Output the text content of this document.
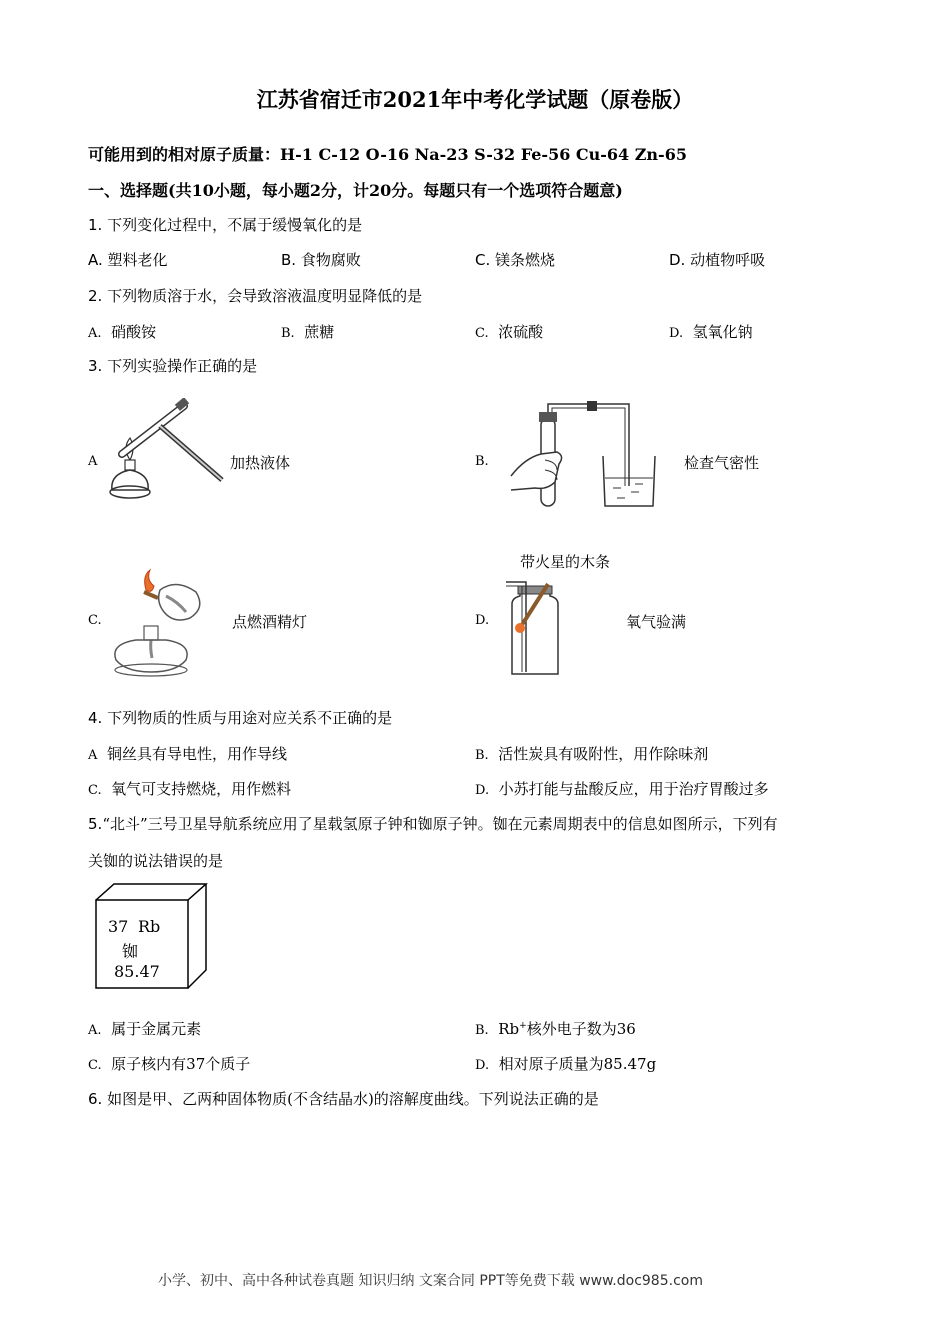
江苏省宿迁市2021年中考化学试题（原卷版）
可能用到的相对原子质量：H-1 C-12 O-16 Na-23 S-32 Fe-56 Cu-64 Zn-65
一、选择题(共10小题，每小题2分，计20分。每题只有一个选项符合题意)
1. 下列变化过程中，不属于缓慢氧化的是
A. 塑料老化	B. 食物腐败	C. 镁条燃烧	D. 动植物呼吸
2. 下列物质溶于水，会导致溶液温度明显降低的是
A. 硝酸铵	B. 蔗糖	C. 浓硫酸	D. 氢氧化钠
3. 下列实验操作正确的是
A	加热液体	B.	检查气密性
C.	点燃酒精灯	D.
带火星的木条
氧气验满
4. 下列物质的性质与用途对应关系不正确的是
A 铜丝具有导电性，用作导线	B. 活性炭具有吸附性，用作除味剂
C. 氧气可支持燃烧，用作燃料	D. 小苏打能与盐酸反应，用于治疗胃酸过多
5.“北斗”三号卫星导航系统应用了星载氢原子钟和铷原子钟。铷在元素周期表中的信息如图所示，下列有
关铷的说法错误的是
37 Rb
铷
85.47
A. 属于金属元素	B. Rb+核外电子数为36
C. 原子核内有37个质子	D. 相对原子质量为85.47g
6. 如图是甲、乙两种固体物质(不含结晶水)的溶解度曲线。下列说法正确的是
小学、初中、高中各种试卷真题 知识归纳 文案合同 PPT等免费下载 www.doc985.com
